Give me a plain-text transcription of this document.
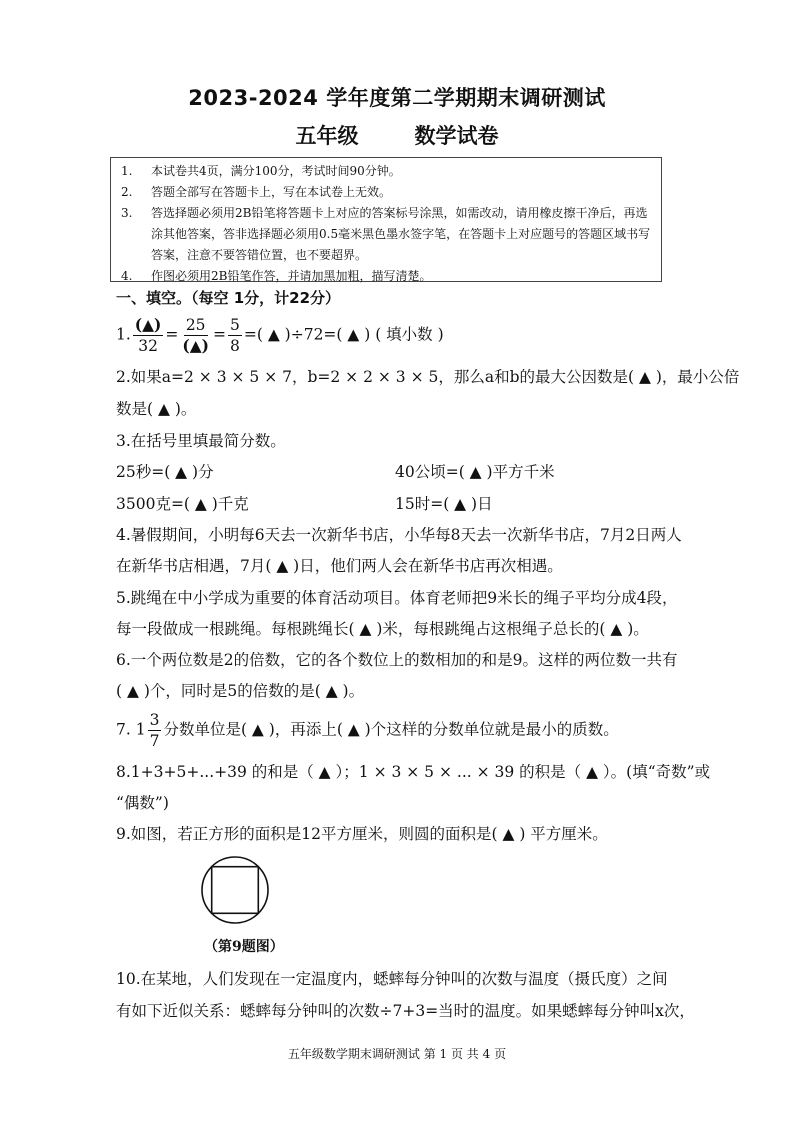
2023-2024 学年度第二学期期末调研测试
五年级	数学试卷
1.	本试卷共4页，满分100分，考试时间90分钟。
2.	答题全部写在答题卡上，写在本试卷上无效。
3.	答选择题必须用2B铅笔将答题卡上对应的答案标号涂黑，如需改动，请用橡皮擦干净后，再选涂其他答案，答非选择题必须用0.5毫米黑色墨水签字笔，在答题卡上对应题号的答题区域书写答案，注意不要答错位置，也不要超界。
4.	作图必须用2B铅笔作答，并请加黑加粗，描写清楚。
一、填空。（每空 1分，计22分）
1. $\frac{(▲)}{32} = \frac{25}{(▲)} = \frac{5}{8}$ =( ▲ )÷72=( ▲ ) ( 填小数 )
2.如果a=2 × 3 × 5 × 7，b=2 × 2 × 3 × 5，那么a和b的最大公因数是( ▲ )，最小公倍
数是( ▲ )。
3.在括号里填最简分数。
25秒=( ▲ )分	40公顷=( ▲ )平方千米
3500克=( ▲ )千克	15时=( ▲ )日
4.暑假期间，小明每6天去一次新华书店，小华每8天去一次新华书店，7月2日两人
在新华书店相遇，7月( ▲ )日，他们两人会在新华书店再次相遇。
5.跳绳在中小学成为重要的体育活动项目。体育老师把9米长的绳子平均分成4段，
每一段做成一根跳绳。每根跳绳长( ▲ )米，每根跳绳占这根绳子总长的( ▲ )。
6.一个两位数是2的倍数，它的各个数位上的数相加的和是9。这样的两位数一共有
( ▲ )个，同时是5的倍数的是( ▲ )。
7. $1 \frac{3}{7}$ 分数单位是( ▲ )，再添上( ▲ )个这样的分数单位就是最小的质数。
8.1+3+5+...+39 的和是（ ▲ ）；1 × 3 × 5 × ... × 39 的积是（ ▲ ）。(填“奇数”或
“偶数”)
9.如图，若正方形的面积是12平方厘米，则圆的面积是( ▲ ) 平方厘米。
（第9题图）
10.在某地，人们发现在一定温度内，蟋蟀每分钟叫的次数与温度（摄氏度）之间
有如下近似关系：蟋蟀每分钟叫的次数÷7+3=当时的温度。如果蟋蟀每分钟叫x次，
五年级数学期末调研测试 第 1 页 共 4 页
